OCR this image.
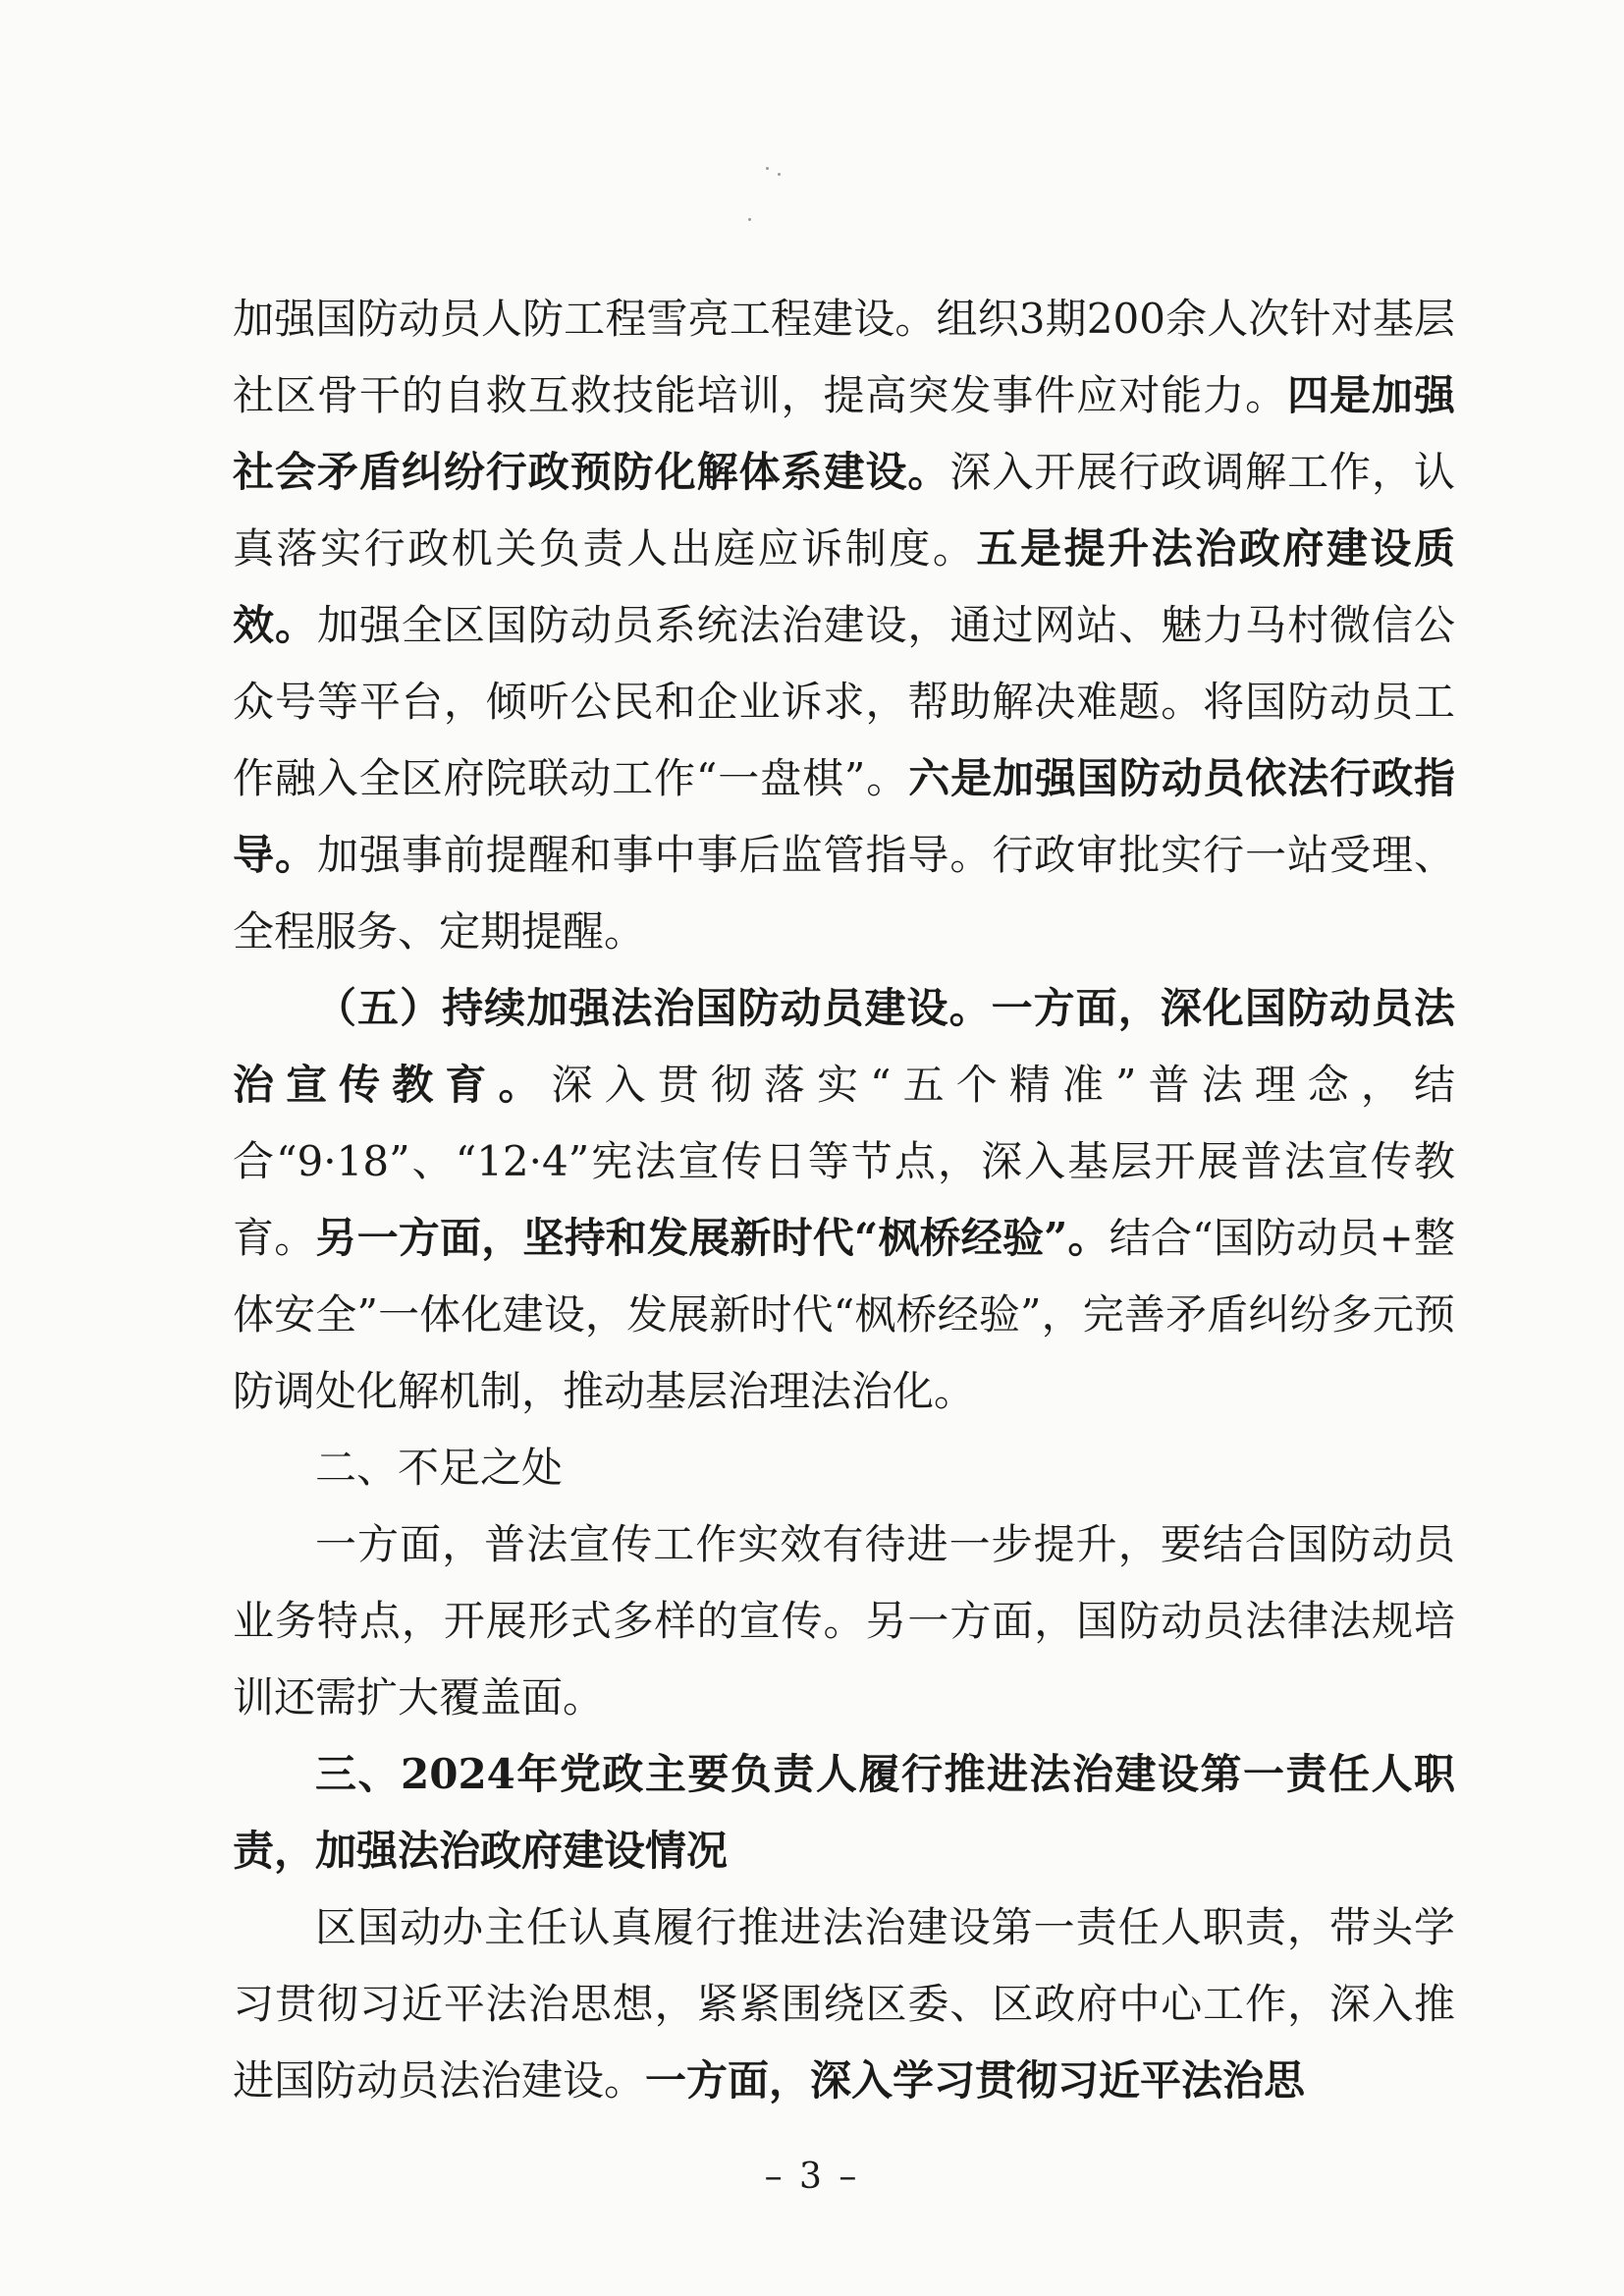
加强国防动员人防工程雪亮工程建设。组织3期200余人次针对基层社区骨干的自救互救技能培训，提高突发事件应对能力。四是加强社会矛盾纠纷行政预防化解体系建设。深入开展行政调解工作，认真落实行政机关负责人出庭应诉制度。五是提升法治政府建设质效。加强全区国防动员系统法治建设，通过网站、魅力马村微信公众号等平台，倾听公民和企业诉求，帮助解决难题。将国防动员工作融入全区府院联动工作“一盘棋”。六是加强国防动员依法行政指导。加强事前提醒和事中事后监管指导。行政审批实行一站受理、全程服务、定期提醒。

（五）持续加强法治国防动员建设。一方面，深化国防动员法治宣传教育。深入贯彻落实“五个精准”普法理念，结合“9·18”、“12·4”宪法宣传日等节点，深入基层开展普法宣传教育。另一方面，坚持和发展新时代“枫桥经验”。结合“国防动员+整体安全”一体化建设，发展新时代“枫桥经验”，完善矛盾纠纷多元预防调处化解机制，推动基层治理法治化。

二、不足之处

一方面，普法宣传工作实效有待进一步提升，要结合国防动员业务特点，开展形式多样的宣传。另一方面，国防动员法律法规培训还需扩大覆盖面。

三、2024年党政主要负责人履行推进法治建设第一责任人职责，加强法治政府建设情况

区国动办主任认真履行推进法治建设第一责任人职责，带头学习贯彻习近平法治思想，紧紧围绕区委、区政府中心工作，深入推进国防动员法治建设。一方面，深入学习贯彻习近平法治思

– 3 –
